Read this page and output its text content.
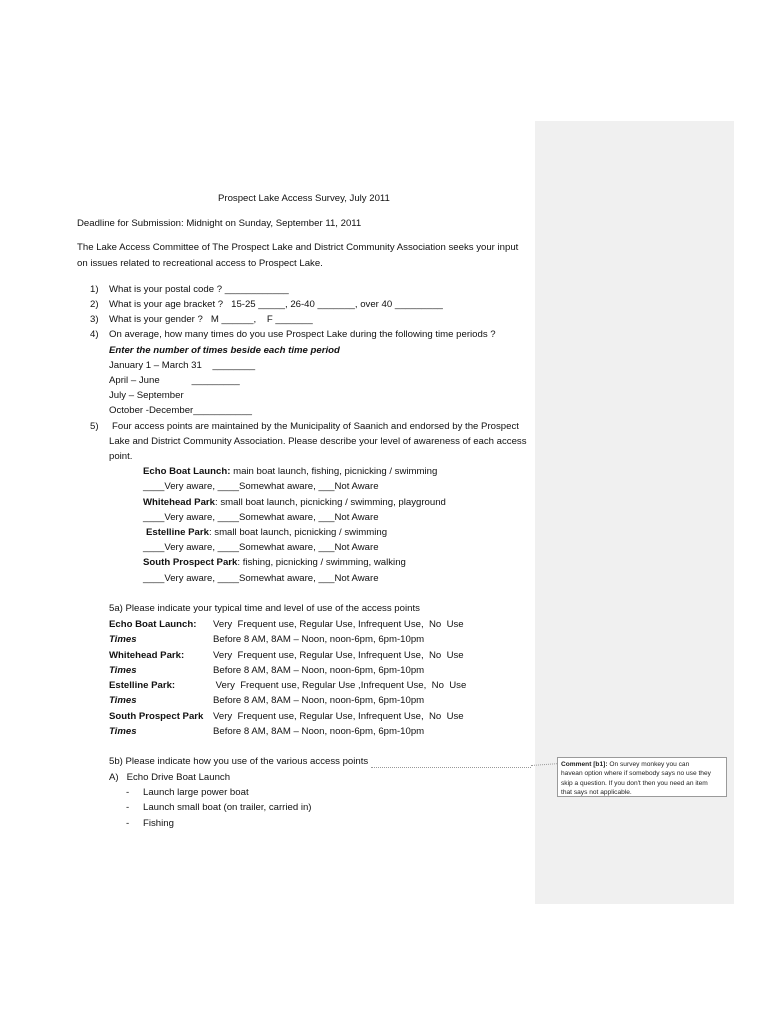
Prospect Lake Access Survey, July 2011
Deadline for Submission: Midnight on Sunday, September 11, 2011
The Lake Access Committee of The Prospect Lake and District Community Association seeks your input
on issues related to recreational access to Prospect Lake.
1) What is your postal code ? ____________
2) What is your age bracket ?   15-25 _____, 26-40 _______, over 40 _________
3) What is your gender ?   M ______,    F _______
4) On average, how many times do you use Prospect Lake during the following time periods ?
Enter the number of times beside each time period
January 1 – March 31    ________
April – June            _________
July – September
October -December___________
5) Four access points are maintained by the Municipality of Saanich and endorsed by the Prospect
Lake and District Community Association. Please describe your level of awareness of each access
point.
Echo Boat Launch: main boat launch, fishing, picnicking / swimming
____Very aware, ____Somewhat aware, ___Not Aware
Whitehead Park: small boat launch, picnicking / swimming, playground
____Very aware, ____Somewhat aware, ___Not Aware
Estelline Park: small boat launch, picnicking / swimming
____Very aware, ____Somewhat aware, ___Not Aware
South Prospect Park: fishing, picnicking / swimming, walking
____Very aware, ____Somewhat aware, ___Not Aware
5a) Please indicate your typical time and level of use of the access points
Echo Boat Launch: Very  Frequent use, Regular Use, Infrequent Use,  No  Use
Times	Before 8 AM, 8AM – Noon, noon-6pm, 6pm-10pm
Whitehead Park:	Very  Frequent use, Regular Use, Infrequent Use,  No  Use
Times	Before 8 AM, 8AM – Noon, noon-6pm, 6pm-10pm
Estelline Park:	Very  Frequent use, Regular Use ,Infrequent Use,  No  Use
Times	Before 8 AM, 8AM – Noon, noon-6pm, 6pm-10pm
South Prospect Park Very  Frequent use, Regular Use, Infrequent Use,  No  Use
Times	Before 8 AM, 8AM – Noon, noon-6pm, 6pm-10pm
5b) Please indicate how you use of the various access points
A)   Echo Drive Boat Launch
- Launch large power boat
- Launch small boat (on trailer, carried in)
- Fishing
Comment [b1]: On survey monkey you can
havean option where if somebody says no use they
skip a question. If you don't then you need an item
that says not applicable.
